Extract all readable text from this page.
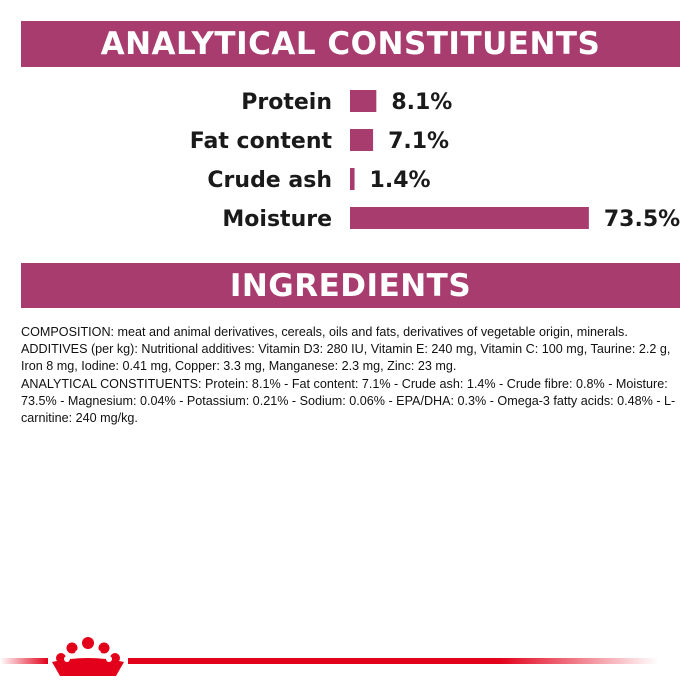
ANALYTICAL CONSTITUENTS
Protein	8.1%
Fat content	7.1%
Crude ash 1.4%
Moisture	73.5%
INGREDIENTS

COMPOSITION: meat and animal derivatives, cereals, oils and fats, derivatives of vegetable origin, minerals.

ADDITIVES (per kg): Nutritional additives: Vitamin D3: 280 IU, Vitamin E: 240 mg, Vitamin C: 100 mg, Taurine: 2.2 g, Iron 8 mg, Iodine: 0.41 mg, Copper: 3.3 mg, Manganese: 2.3 mg, Zinc: 23 mg.

ANALYTICAL CONSTITUENTS: Protein: 8.1% - Fat content: 7.1% - Crude ash: 1.4% - Crude fibre: 0.8% - Moisture: 73.5% - Magnesium: 0.04% - Potassium: 0.21% - Sodium: 0.06% - EPA/DHA: 0.3% - Omega-3 fatty acids: 0.48% - L-carnitine: 240 mg/kg.
